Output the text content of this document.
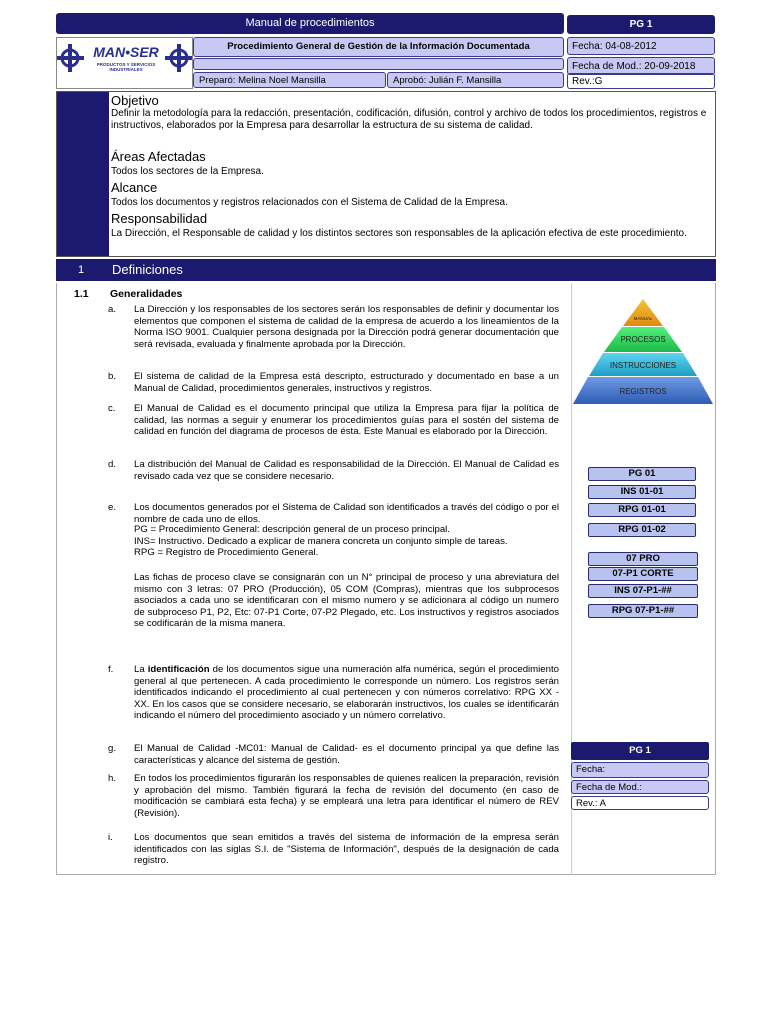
Manual de procedimientos	PG 1
MAN•SER
PRODUCTOS Y SERVICIOS INDUSTRIALES
Procedimiento General de Gestión de la Información Documentada	Fecha: 04-08-2012
Fecha de Mod.: 20-09-2018
Rev.:G
Preparó: Melina Noel Mansilla	Aprobó: Julián F. Mansilla
Objetivo
Definir la metodología para la redacción, presentación, codificación, difusión, control y archivo de todos los procedimientos, registros e instructivos, elaborados por la Empresa para desarrollar la estructura de su sistema de calidad.
Áreas Afectadas
Todos los sectores de la Empresa.
Alcance
Todos los documentos y registros relacionados con el Sistema de Calidad de la Empresa.
Responsabilidad
La Dirección, el Responsable de calidad y los distintos sectores son responsables de la aplicación efectiva de este procedimiento.
1 Definiciones
1.1 Generalidades
a. La Dirección y los responsables de los sectores serán los responsables de definir y documentar los elementos que componen el sistema de calidad de la empresa de acuerdo a los lineamientos de la Norma ISO 9001. Cualquier persona designada por la Dirección podrá generar documentación que será revisada, evaluada y finalmente aprobada por la Dirección.
b. El sistema de calidad de la Empresa está descripto, estructurado y documentado en base a un Manual de Calidad, procedimientos generales, instructivos y registros.
c. El Manual de Calidad es el documento principal que utiliza la Empresa para fijar la política de calidad, las normas a seguir y enumerar los procedimientos guías para el sostén del sistema de calidad en función del diagrama de procesos de ésta. Este Manual es elaborado por la Dirección.
d. La distribución del Manual de Calidad es responsabilidad de la Dirección. El Manual de Calidad es revisado cada vez que se considere necesario.
e. Los documentos generados por el Sistema de Calidad son identificados a través del código o por el nombre de cada uno de ellos.
PG = Procedimiento General: descripción general de un proceso principal.
INS= Instructivo. Dedicado a explicar de manera concreta un conjunto simple de tareas.
RPG = Registro de Procedimiento General.
Las fichas de proceso clave se consignarán con un N° principal de proceso y una abreviatura del mismo con 3 letras: 07 PRO (Producción), 05 COM (Compras), mientras que los subprocesos asociados a cada uno se identificaran con el mismo numero y se adicionara al código un numero de subproceso P1, P2, Etc: 07-P1 Corte, 07-P2 Plegado, etc. Los instructivos y registros asociados se codificarán de la misma manera.
f. La identificación de los documentos sigue una numeración alfa numérica, según el procedimiento general al que pertenecen. A cada procedimiento le corresponde un número. Los registros serán identificados indicando el procedimiento al cual pertenecen y con números correlativo: RPG XX - XX. En los casos que se considere necesario, se elaborarán instructivos, los cuales se identificarán indicando el número del procedimiento asociado y un número correlativo.
g. El Manual de Calidad -MC01: Manual de Calidad- es el documento principal ya que define las características y alcance del sistema de gestión.
h. En todos los procedimientos figurarán los responsables de quienes realicen la preparación, revisión y aprobación del mismo. También figurará la fecha de revisión del documento (en caso de modificación se cambiará esta fecha) y se empleará una letra para identificar el número de REV (Revisión).
i. Los documentos que sean emitidos a través del sistema de información de la empresa serán identificados con las siglas S.I. de "Sistema de Información", después de la designación de cada registro.
MANUAL
PROCESOS
INSTRUCCIONES
REGISTROS
PG 01
INS 01-01
RPG 01-01
RPG 01-02
07 PRO
07-P1 CORTE
INS 07-P1-##
RPG 07-P1-##
PG 1
Fecha:
Fecha de Mod.:
Rev.: A
